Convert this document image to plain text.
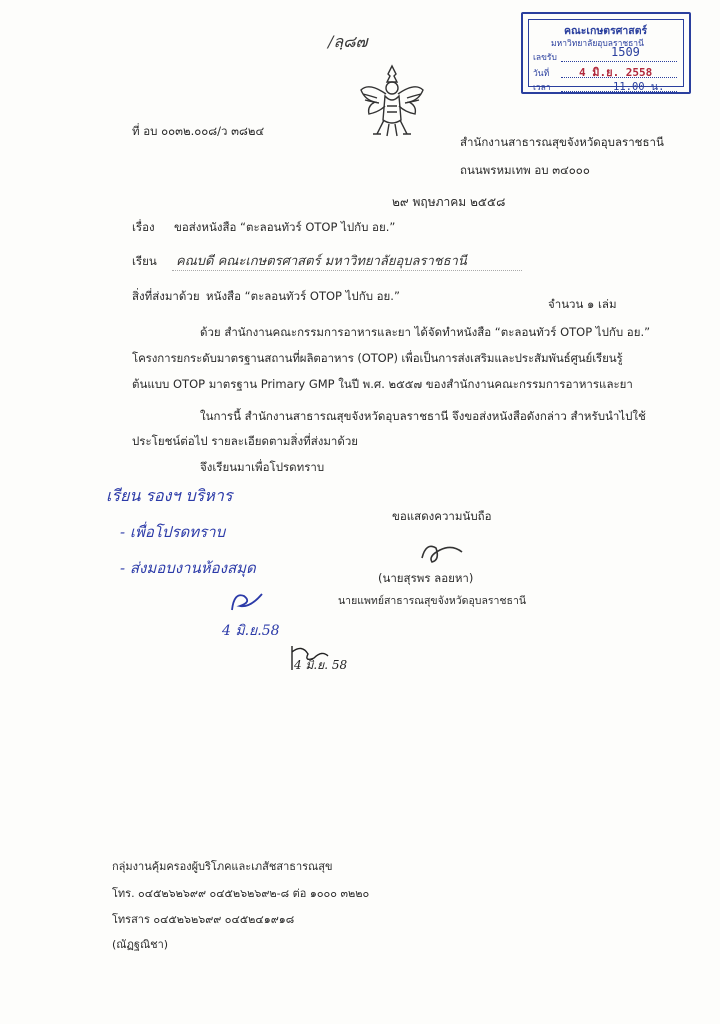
/ลฺ๘๗
คณะเกษตรศาสตร์
มหาวิทยาลัยอุบลราชธานี
เลขรับ	1509
วันที่	4 มิ.ย. 2558
เวลา	11.00 น.
ที่ อบ ๐๐๓๒.๐๐๘/ว ๓๘๒๔
สำนักงานสาธารณสุขจังหวัดอุบลราชธานี
ถนนพรหมเทพ อบ ๓๔๐๐๐
๒๙ พฤษภาคม ๒๕๕๘
เรื่อง ขอส่งหนังสือ “ตะลอนทัวร์ OTOP ไปกับ อย.”
เรียน คณบดี คณะเกษตรศาสตร์ มหาวิทยาลัยอุบลราชธานี
สิ่งที่ส่งมาด้วย หนังสือ “ตะลอนทัวร์ OTOP ไปกับ อย.”
จำนวน ๑ เล่ม
ด้วย สำนักงานคณะกรรมการอาหารและยา ได้จัดทำหนังสือ “ตะลอนทัวร์ OTOP ไปกับ อย.”
โครงการยกระดับมาตรฐานสถานที่ผลิตอาหาร (OTOP) เพื่อเป็นการส่งเสริมและประสัมพันธ์ศูนย์เรียนรู้
ต้นแบบ OTOP มาตรฐาน Primary GMP ในปี พ.ศ. ๒๕๕๗ ของสำนักงานคณะกรรมการอาหารและยา
ในการนี้ สำนักงานสาธารณสุขจังหวัดอุบลราชธานี จึงขอส่งหนังสือดังกล่าว สำหรับนำไปใช้
ประโยชน์ต่อไป รายละเอียดตามสิ่งที่ส่งมาด้วย
จึงเรียนมาเพื่อโปรดทราบ
เรียน รองฯ บริหาร
- เพื่อโปรดทราบ
- ส่งมอบงานห้องสมุด
ขอแสดงความนับถือ
(นายสุรพร ลอยหา)
นายแพทย์สาธารณสุขจังหวัดอุบลราชธานี
4 มิ.ย.58
4 มิ.ย. 58
กลุ่มงานคุ้มครองผู้บริโภคและเภสัชสาธารณสุข
โทร. ๐๔๕๒๖๒๖๙๙ ๐๔๕๒๖๒๖๙๒-๘ ต่อ ๑๐๐๐ ๓๒๒๐
โทรสาร ๐๔๕๒๖๒๖๙๙ ๐๔๕๒๔๑๙๑๘
(ณัฏฐณิชา)
